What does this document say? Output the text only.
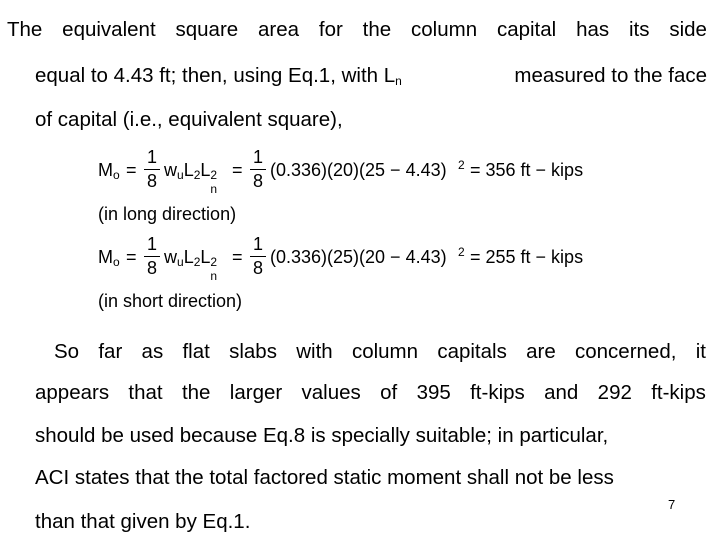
The equivalent square area for the column capital has its side
equal to 4.43 ft; then, using Eq.1, with $L_n$	measured to the face
of capital (i.e., equivalent square),
$M_o$ =
1
8
$w_uL_2L$ 2
n
=
1
8
(0.336)(20)(25 − 4.43) 2 = 356 ft − kips
(in long direction)
$M_o$ =
1
8
$w_uL_2L$ 2
n
=
1
8
(0.336)(25)(20 − 4.43) 2 = 255 ft − kips
(in short direction)
So far as flat slabs with column capitals are concerned, it
appears that the larger values of 395 ft-kips and 292 ft-kips
should be used because Eq.8 is specially suitable; in particular,
ACI states that the total factored static moment shall not be less
than that given by Eq.1.
7
